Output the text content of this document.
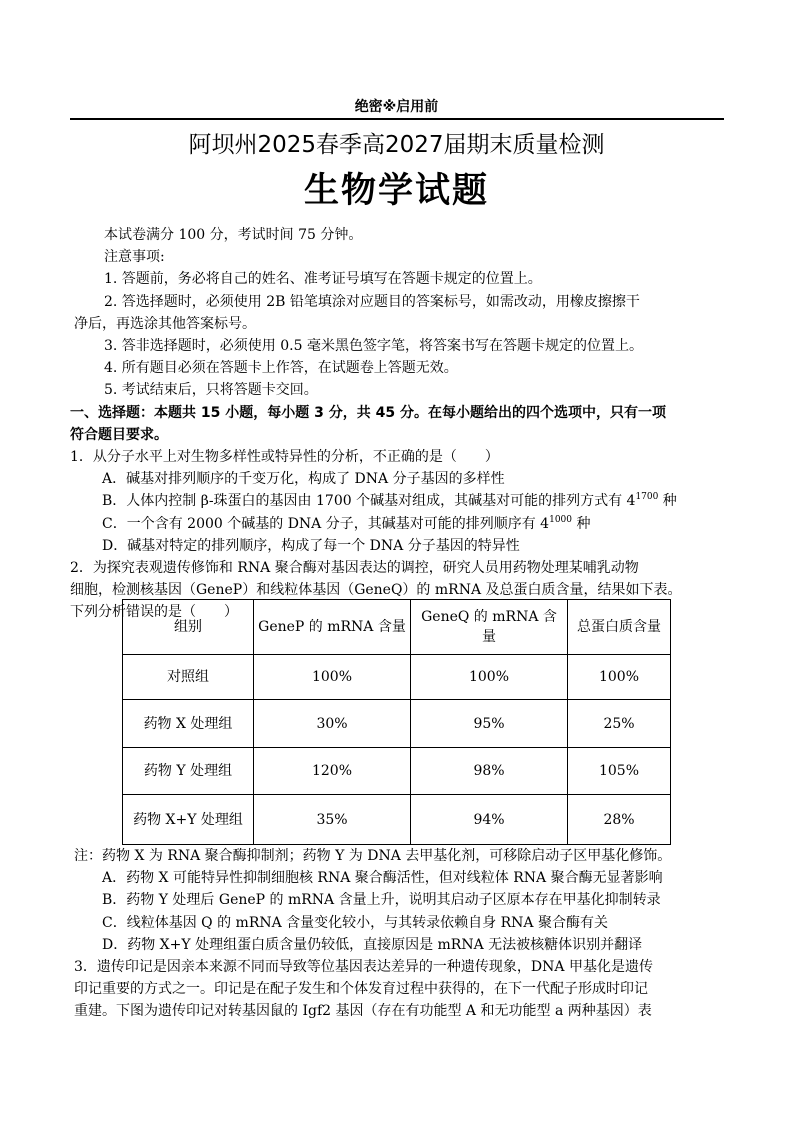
绝密※启用前
阿坝州2025春季高2027届期末质量检测
生物学试题
本试卷满分 100 分，考试时间 75 分钟。
注意事项:
1. 答题前，务必将自己的姓名、准考证号填写在答题卡规定的位置上。
2. 答选择题时，必须使用 2B 铅笔填涂对应题目的答案标号，如需改动，用橡皮擦擦干
净后，再选涂其他答案标号。
3. 答非选择题时，必须使用 0.5 毫米黑色签字笔，将答案书写在答题卡规定的位置上。
4. 所有题目必须在答题卡上作答，在试题卷上答题无效。
5. 考试结束后，只将答题卡交回。
一、选择题：本题共 15 小题，每小题 3 分，共 45 分。在每小题给出的四个选项中，只有一项
符合题目要求。
1．从分子水平上对生物多样性或特异性的分析，不正确的是（　　）
A．碱基对排列顺序的千变万化，构成了 DNA 分子基因的多样性
B．人体内控制 β-珠蛋白的基因由 1700 个碱基对组成，其碱基对可能的排列方式有 $4^{1700}$ 种
C．一个含有 2000 个碱基的 DNA 分子，其碱基对可能的排列顺序有 $4^{1000}$ 种
D．碱基对特定的排列顺序，构成了每一个 DNA 分子基因的特异性
2．为探究表观遗传修饰和 RNA 聚合酶对基因表达的调控，研究人员用药物处理某哺乳动物
细胞，检测核基因（GeneP）和线粒体基因（GeneQ）的 mRNA 及总蛋白质含量，结果如下表。
下列分析错误的是（　　）
组别	GeneP 的 mRNA 含量	GeneQ 的 mRNA 含量	总蛋白质含量
对照组	100%	100%	100%
药物 X 处理组	30%	95%	25%
药物 Y 处理组	120%	98%	105%
药物 X+Y 处理组	35%	94%	28%
注：药物 X 为 RNA 聚合酶抑制剂；药物 Y 为 DNA 去甲基化剂，可移除启动子区甲基化修饰。
A．药物 X 可能特异性抑制细胞核 RNA 聚合酶活性，但对线粒体 RNA 聚合酶无显著影响
B．药物 Y 处理后 GeneP 的 mRNA 含量上升，说明其启动子区原本存在甲基化抑制转录
C．线粒体基因 Q 的 mRNA 含量变化较小，与其转录依赖自身 RNA 聚合酶有关
D．药物 X+Y 处理组蛋白质含量仍较低，直接原因是 mRNA 无法被核糖体识别并翻译
3．遗传印记是因亲本来源不同而导致等位基因表达差异的一种遗传现象，DNA 甲基化是遗传
印记重要的方式之一。印记是在配子发生和个体发育过程中获得的，在下一代配子形成时印记
重建。下图为遗传印记对转基因鼠的 Igf2 基因（存在有功能型 A 和无功能型 a 两种基因）表
